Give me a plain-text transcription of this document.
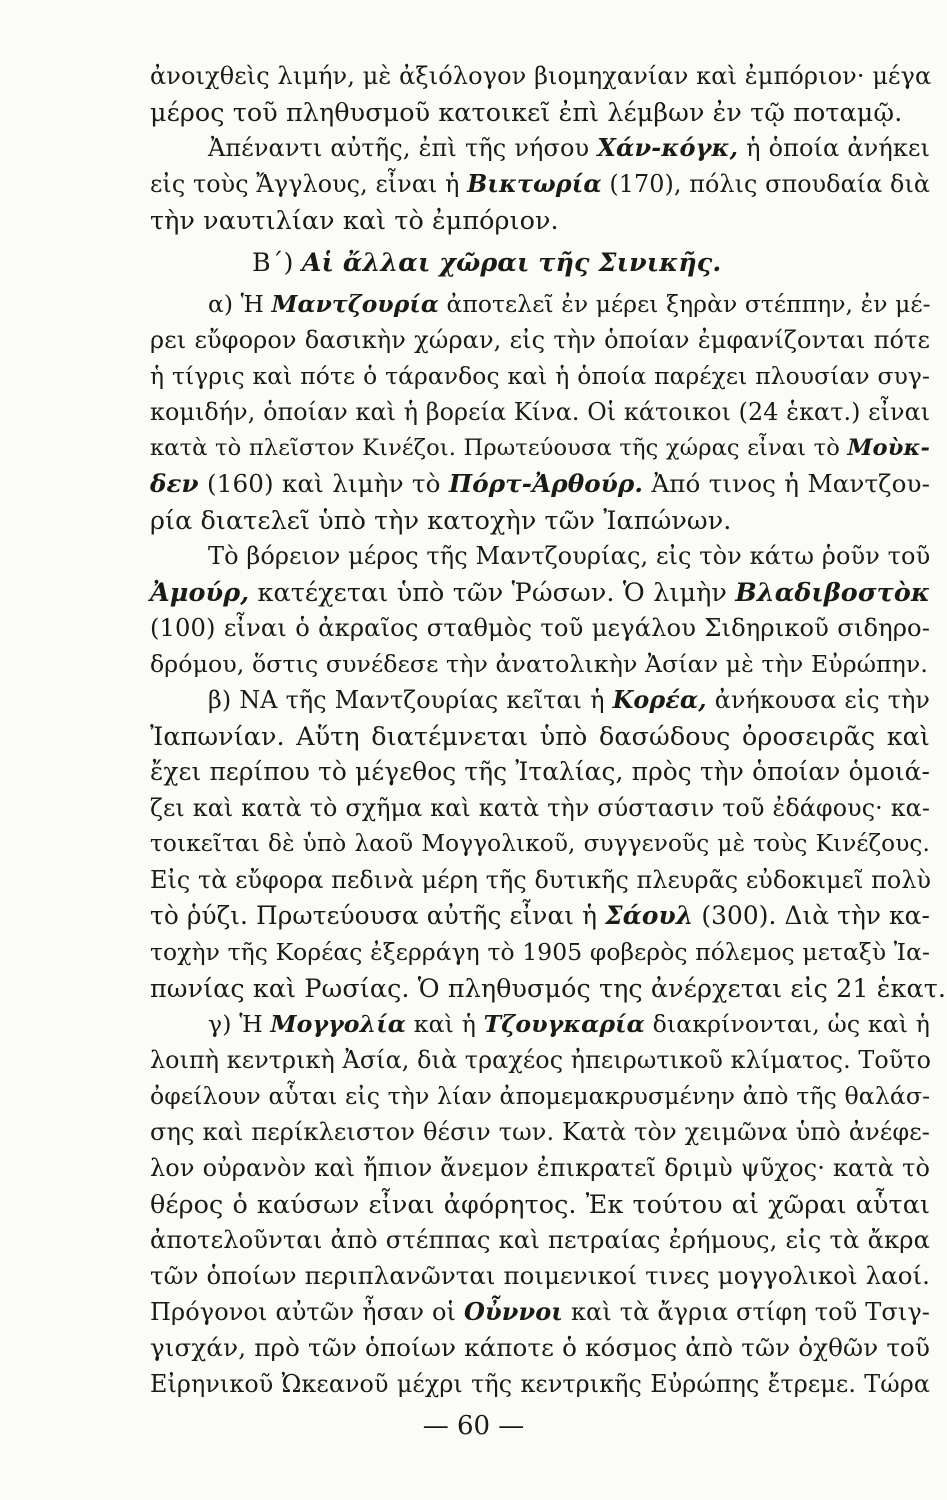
ἀνοιχθεὶς λιμήν, μὲ ἀξιόλογον βιομηχανίαν καὶ ἐμπόριον· μέγα
μέρος τοῦ πληθυσμοῦ κατοικεῖ ἐπὶ λέμβων ἐν τῷ ποταμῷ.
Ἀπέναντι αὐτῆς, ἐπὶ τῆς νήσου Χάν-κόγκ, ἡ ὁποία ἀνήκει
εἰς τοὺς Ἄγγλους, εἶναι ἡ Βικτωρία (170), πόλις σπουδαία διὰ
τὴν ναυτιλίαν καὶ τὸ ἐμπόριον.
Β΄) Αἱ ἄλλαι χῶραι τῆς Σινικῆς.
α) Ἡ Μαντζουρία ἀποτελεῖ ἐν μέρει ξηρὰν στέππην, ἐν μέ-
ρει εὔφορον δασικὴν χώραν, εἰς τὴν ὁποίαν ἐμφανίζονται πότε
ἡ τίγρις καὶ πότε ὁ τάρανδος καὶ ἡ ὁποία παρέχει πλουσίαν συγ-
κομιδήν, ὁποίαν καὶ ἡ βορεία Κίνα. Οἱ κάτοικοι (24 ἑκατ.) εἶναι
κατὰ τὸ πλεῖστον Κινέζοι. Πρωτεύουσα τῆς χώρας εἶναι τὸ Μοὺκ-
δεν (160) καὶ λιμὴν τὸ Πόρτ-Ἀρθούρ. Ἀπό τινος ἡ Μαντζου-
ρία διατελεῖ ὑπὸ τὴν κατοχὴν τῶν Ἰαπώνων.
Τὸ βόρειον μέρος τῆς Μαντζουρίας, εἰς τὸν κάτω ῥοῦν τοῦ
Ἀμούρ, κατέχεται ὑπὸ τῶν Ῥώσων. Ὁ λιμὴν Βλαδιβοστὸκ
(100) εἶναι ὁ ἀκραῖος σταθμὸς τοῦ μεγάλου Σιδηρικοῦ σιδηρο-
δρόμου, ὅστις συνέδεσε τὴν ἀνατολικὴν Ἀσίαν μὲ τὴν Εὐρώπην.
β) ΝΑ τῆς Μαντζουρίας κεῖται ἡ Κορέα, ἀνήκουσα εἰς τὴν
Ἰαπωνίαν. Αὕτη διατέμνεται ὑπὸ δασώδους ὀροσειρᾶς καὶ
ἔχει περίπου τὸ μέγεθος τῆς Ἰταλίας, πρὸς τὴν ὁποίαν ὁμοιά-
ζει καὶ κατὰ τὸ σχῆμα καὶ κατὰ τὴν σύστασιν τοῦ ἐδάφους· κα-
τοικεῖται δὲ ὑπὸ λαοῦ Μογγολικοῦ, συγγενοῦς μὲ τοὺς Κινέζους.
Εἰς τὰ εὔφορα πεδινὰ μέρη τῆς δυτικῆς πλευρᾶς εὐδοκιμεῖ πολὺ
τὸ ῥύζι. Πρωτεύουσα αὐτῆς εἶναι ἡ Σάουλ (300). Διὰ τὴν κα-
τοχὴν τῆς Κορέας ἐξερράγη τὸ 1905 φοβερὸς πόλεμος μεταξὺ Ἰα-
πωνίας καὶ Ρωσίας. Ὁ πληθυσμός της ἀνέρχεται εἰς 21 ἑκατ.
γ) Ἡ Μογγολία καὶ ἡ Τζουγκαρία διακρίνονται, ὡς καὶ ἡ
λοιπὴ κεντρικὴ Ἀσία, διὰ τραχέος ἠπειρωτικοῦ κλίματος. Τοῦτο
ὀφείλουν αὗται εἰς τὴν λίαν ἀπομεμακρυσμένην ἀπὸ τῆς θαλάσ-
σης καὶ περίκλειστον θέσιν των. Κατὰ τὸν χειμῶνα ὑπὸ ἀνέφε-
λον οὐρανὸν καὶ ἤπιον ἄνεμον ἐπικρατεῖ δριμὺ ψῦχος· κατὰ τὸ
θέρος ὁ καύσων εἶναι ἀφόρητος. Ἐκ τούτου αἱ χῶραι αὗται
ἀποτελοῦνται ἀπὸ στέππας καὶ πετραίας ἐρήμους, εἰς τὰ ἄκρα
τῶν ὁποίων περιπλανῶνται ποιμενικοί τινες μογγολικοὶ λαοί.
Πρόγονοι αὐτῶν ἦσαν οἱ Οὖννοι καὶ τὰ ἄγρια στίφη τοῦ Τσιγ-
γισχάν, πρὸ τῶν ὁποίων κάποτε ὁ κόσμος ἀπὸ τῶν ὀχθῶν τοῦ
Εἰρηνικοῦ Ὠκεανοῦ μέχρι τῆς κεντρικῆς Εὐρώπης ἔτρεμε. Τώρα
— 60 —
